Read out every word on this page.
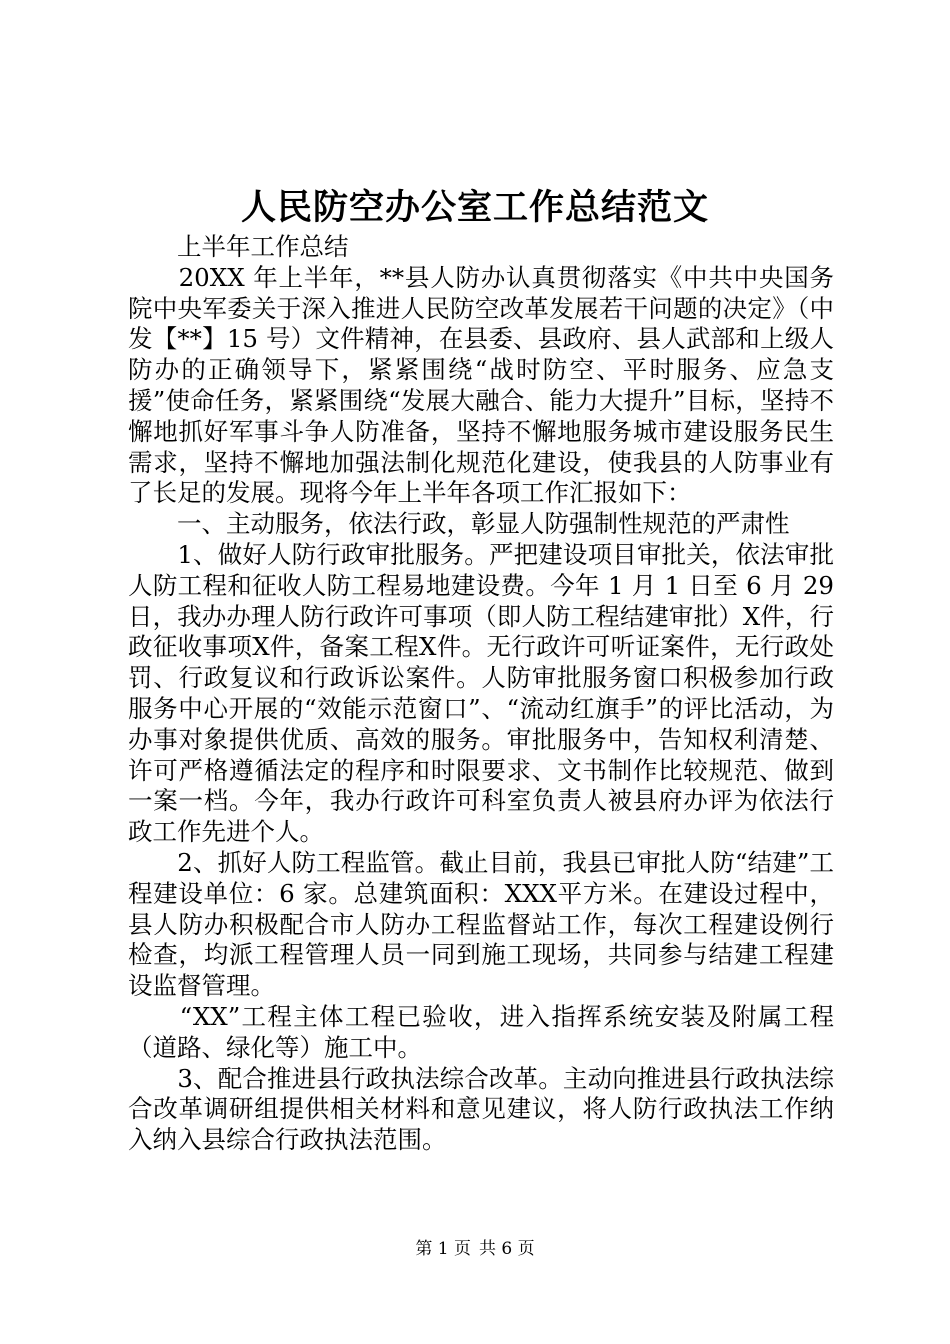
人民防空办公室工作总结范文

　　上半年工作总结

　　20XX 年上半年，**县人防办认真贯彻落实《中共中央国务院中央军委关于深入推进人民防空改革发展若干问题的决定》（中发【**】15 号）文件精神，在县委、县政府、县人武部和上级人防办的正确领导下，紧紧围绕“战时防空、平时服务、应急支援”使命任务，紧紧围绕“发展大融合、能力大提升”目标，坚持不懈地抓好军事斗争人防准备，坚持不懈地服务城市建设服务民生需求，坚持不懈地加强法制化规范化建设，使我县的人防事业有了长足的发展。现将今年上半年各项工作汇报如下：

　　一、主动服务，依法行政，彰显人防强制性规范的严肃性

　　1、做好人防行政审批服务。严把建设项目审批关，依法审批人防工程和征收人防工程易地建设费。今年 1 月 1 日至 6 月 29 日，我办办理人防行政许可事项（即人防工程结建审批）X件，行政征收事项X件，备案工程X件。无行政许可听证案件，无行政处罚、行政复议和行政诉讼案件。人防审批服务窗口积极参加行政服务中心开展的“效能示范窗口”、“流动红旗手”的评比活动，为办事对象提供优质、高效的服务。审批服务中，告知权利清楚、许可严格遵循法定的程序和时限要求、文书制作比较规范、做到一案一档。今年，我办行政许可科室负责人被县府办评为依法行政工作先进个人。

　　2、抓好人防工程监管。截止目前，我县已审批人防“结建”工程建设单位：6 家。总建筑面积：XXX平方米。在建设过程中，县人防办积极配合市人防办工程监督站工作，每次工程建设例行检查，均派工程管理人员一同到施工现场，共同参与结建工程建设监督管理。

　　“XX”工程主体工程已验收，进入指挥系统安装及附属工程（道路、绿化等）施工中。

　　3、配合推进县行政执法综合改革。主动向推进县行政执法综合改革调研组提供相关材料和意见建议，将人防行政执法工作纳入纳入县综合行政执法范围。

第 1 页 共 6 页
